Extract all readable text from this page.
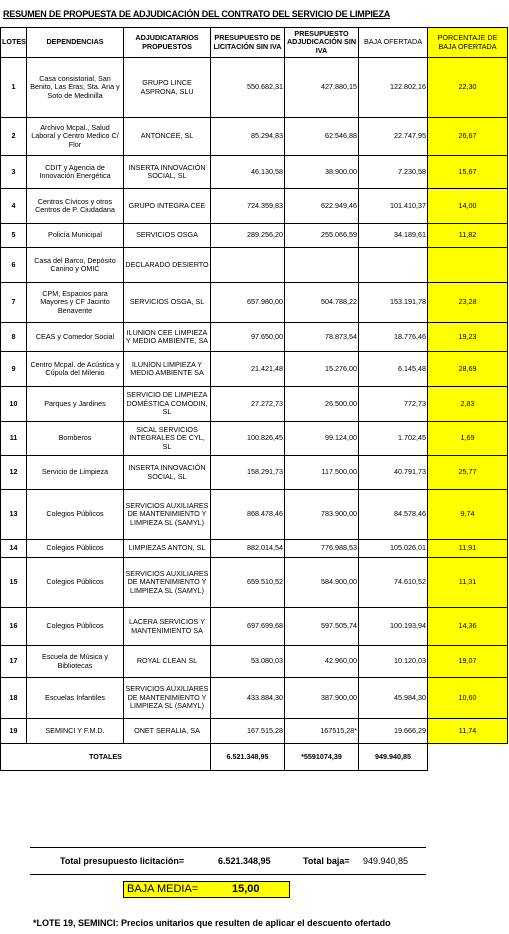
RESUMEN DE PROPUESTA DE ADJUDICACIÓN DEL CONTRATO DEL SERVICIO DE LIMPIEZA
LOTES	DEPENDENCIAS	ADJUDICATARIOS PROPUESTOS	PRESUPUESTO DE LICITACIÓN SIN IVA	PRESUPUESTO ADJUDICACIÓN SIN IVA	BAJA OFERTADA	PORCENTAJE DE BAJA OFERTADA
1	Casa consistorial, San Benito, Las Eras, Sta. Ana y Soto de Medinilla	GRUPO LINCE ASPRONA, SLU	550.682,31	427.880,15	122.802,16	22,30
2	Archivo Mcpal., Salud Laboral y Centro Medico C/ Flor	ANTONCEE, SL	85.294,83	62.546,88	22.747,95	26,67
3	CDIT y Agencia de Innovación Energética	INSERTA INNOVACIÓN SOCIAL, SL	46.130,58	38.900,00	7.230,58	15,67
4	Centros Cívicos y otros Centros de P. Ciudadana	GRUPO INTEGRA CEE	724.359,83	622.949,46	101.410,37	14,00
5	Policía Municipal	SERVICIOS OSGA	289.256,20	255.066,59	34.189,61	11,82
6	Casa del Barco, Depósito Canino y OMIC	DECLARADO DESIERTO				
7	CPM, Espacios para Mayores y CF Jacinto Benavente	SERVICIOS OSGA, SL	657.980,00	504.788,22	153.191,78	23,28
8	CEAS y Comedor Social	ILUNION CEE LIMPIEZA Y MEDIO AMBIENTE, SA	97.650,00	78.873,54	18.776,46	19,23
9	Centro Mcpal. de Acústica y Cúpula del Milenio	ILUNION LIMPIEZA Y MEDIO AMBIENTE SA	21.421,48	15.276,00	6.145,48	28,69
10	Parques y Jardines	SERVICIO DE LIMPIEZA DOMÉSTICA COMODIN, SL	27.272,73	26.500,00	772,73	2,83
11	Bomberos	SICAL SERVICIOS INTEGRALES DE CYL, SL	100.826,45	99.124,00	1.702,45	1,69
12	Servicio de Limpieza	INSERTA INNOVACIÓN SOCIAL, SL	158.291,73	117.500,00	40.791,73	25,77
13	Colegios Públicos	SERVICIOS AUXILIARES DE MANTENIMIENTO Y LIMPIEZA SL (SAMYL)	868.478,46	783.900,00	84.578,46	9,74
14	Colegios Públicos	LIMPIEZAS ANTON, SL	882.014,54	776.988,53	105.026,01	11,91
15	Colegios Públicos	SERVICIOS AUXILIARES DE MANTENIMIENTO Y LIMPIEZA SL (SAMYL)	659.510,52	584.900,00	74.610,52	11,31
16	Colegios Públicos	LACERA SERVICIOS Y MANTENIMIENTO SA	697.699,68	597.505,74	100.193,94	14,36
17	Escuela de Música y Bibliotecas	ROYAL CLEAN SL	53.080,03	42.960,00	10.120,03	19,07
18	Escuelas Infantiles	SERVICIOS AUXILIARES DE MANTENIMIENTO Y LIMPIEZA SL (SAMYL)	433.884,30	387.900,00	45.984,30	10,60
19	SEMINCI Y F.M.D.	ONET SERALIA, SA	167.515,28	167515,28*	19.666,29	11,74
TOTALES			6.521.348,95	*5591074,39	949.940,85	
Total presupuesto licitación=	6.521.348,95	Total baja= 949.940,85
BAJA MEDIA=	15,00
*LOTE 19, SEMINCI: Precios unitarios que resulten de aplicar el descuento ofertado
